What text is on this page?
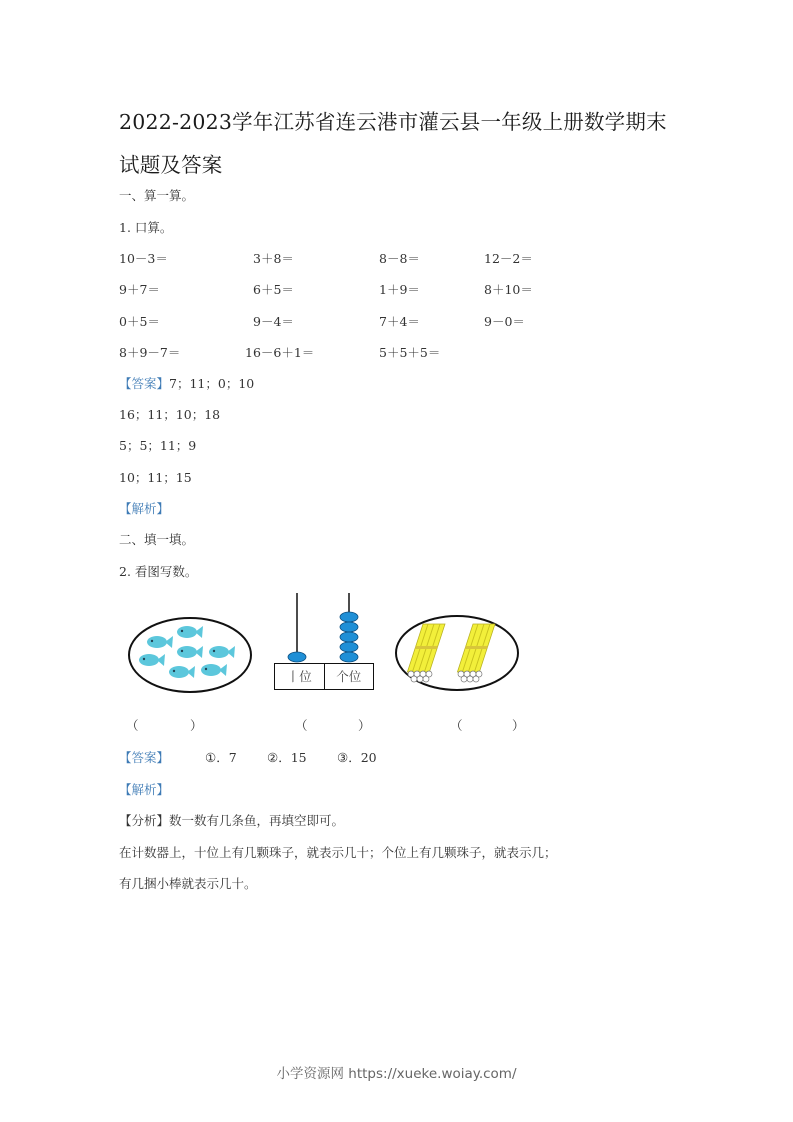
2022-2023学年江苏省连云港市灌云县一年级上册数学期末
试题及答案
一、算一算。
1. 口算。
10－3＝	3＋8＝	8－8＝	12－2＝
9＋7＝	6＋5＝	1＋9＝	8＋10＝
0＋5＝	9－4＝	7＋4＝	9－0＝
8＋9－7＝	16－6＋1＝	5＋5＋5＝
【答案】7；11；0；10
16；11；10；18
5；5；11；9
10；11；15
【解析】
二、填一填。
2. 看图写数。
丨位	个位
（	）	（	）	（	）
【答案】	①．7 ②．15 ③．20
【解析】
【分析】数一数有几条鱼，再填空即可。
在计数器上，十位上有几颗珠子，就表示几十；个位上有几颗珠子，就表示几；
有几捆小棒就表示几十。
小学资源网 https://xueke.woiay.com/
